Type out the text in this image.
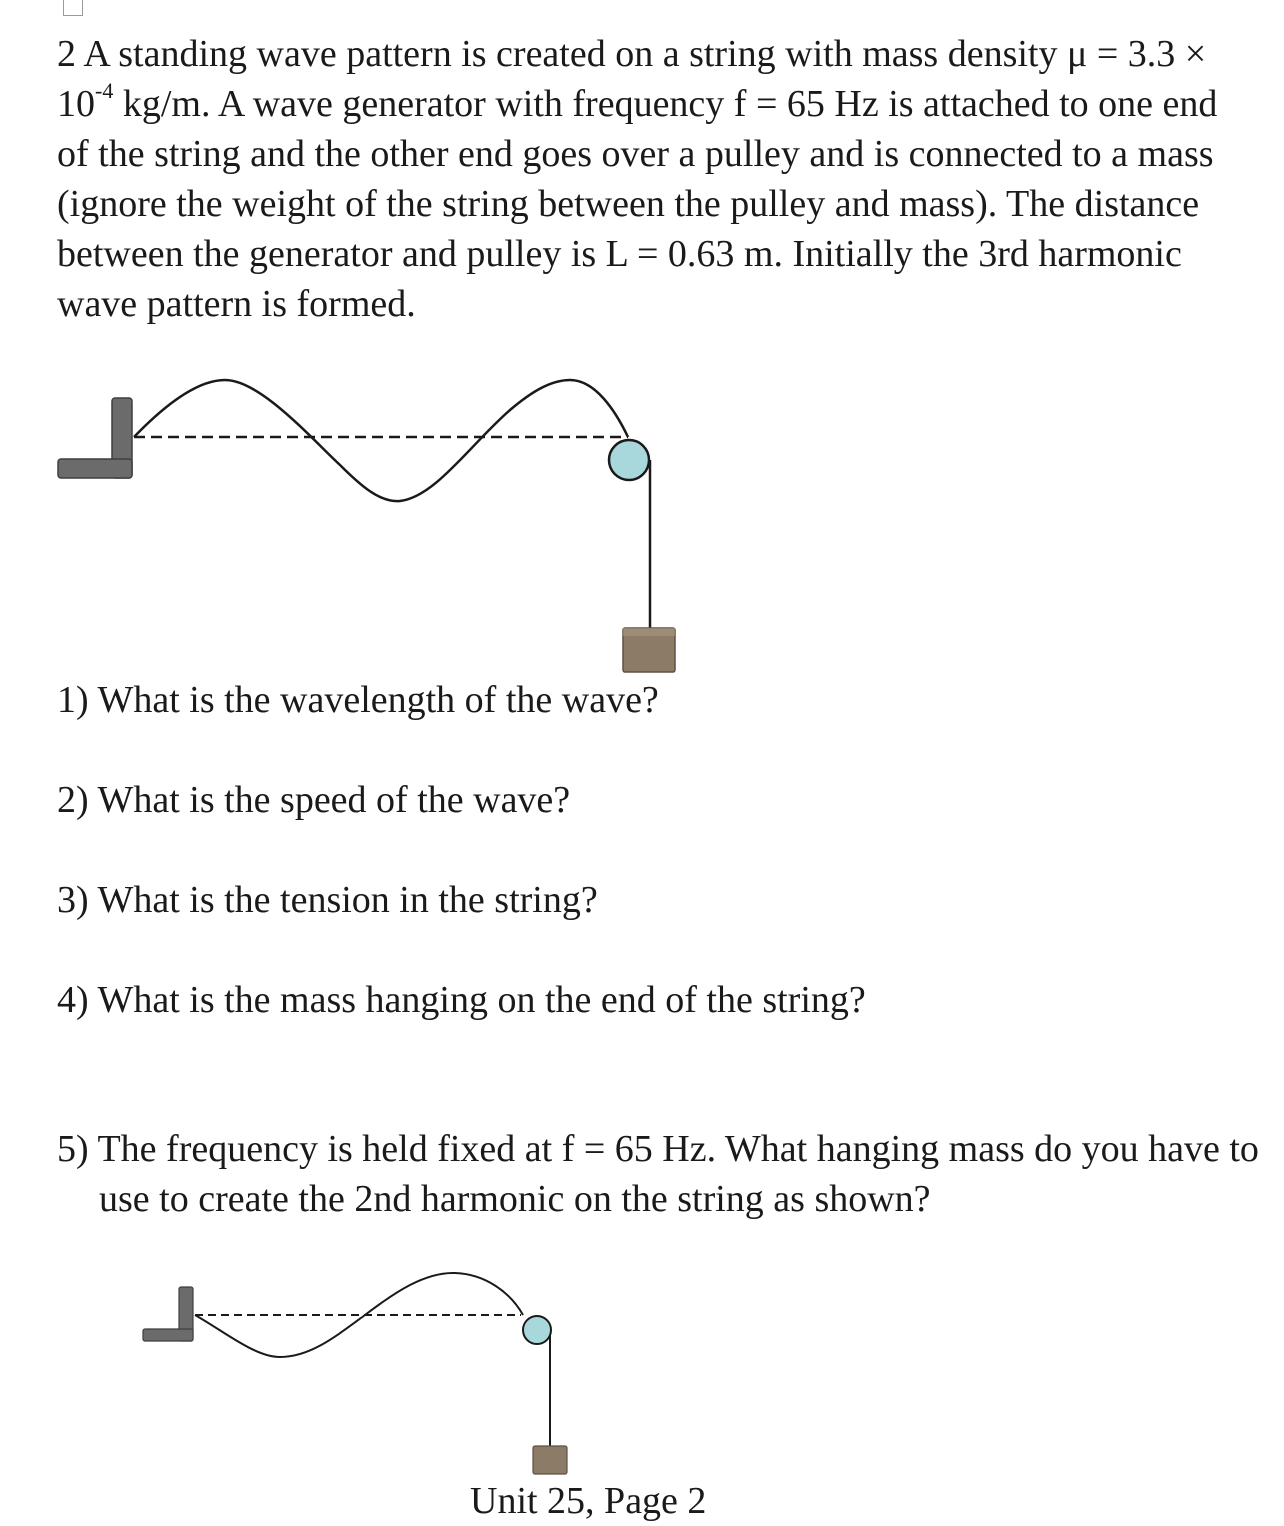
2 A standing wave pattern is created on a string with mass density $\mu = 3.3 \times 10^{-4}$ kg/m. A wave generator with frequency f = 65 Hz is attached to one end of the string and the other end goes over a pulley and is connected to a mass (ignore the weight of the string between the pulley and mass). The distance between the generator and pulley is L = 0.63 m. Initially the 3rd harmonic wave pattern is formed.

1) What is the wavelength of the wave?

2) What is the speed of the wave?

3) What is the tension in the string?

4) What is the mass hanging on the end of the string?

5) The frequency is held fixed at f = 65 Hz. What hanging mass do you have to use to create the 2nd harmonic on the string as shown?

Unit 25, Page 2
